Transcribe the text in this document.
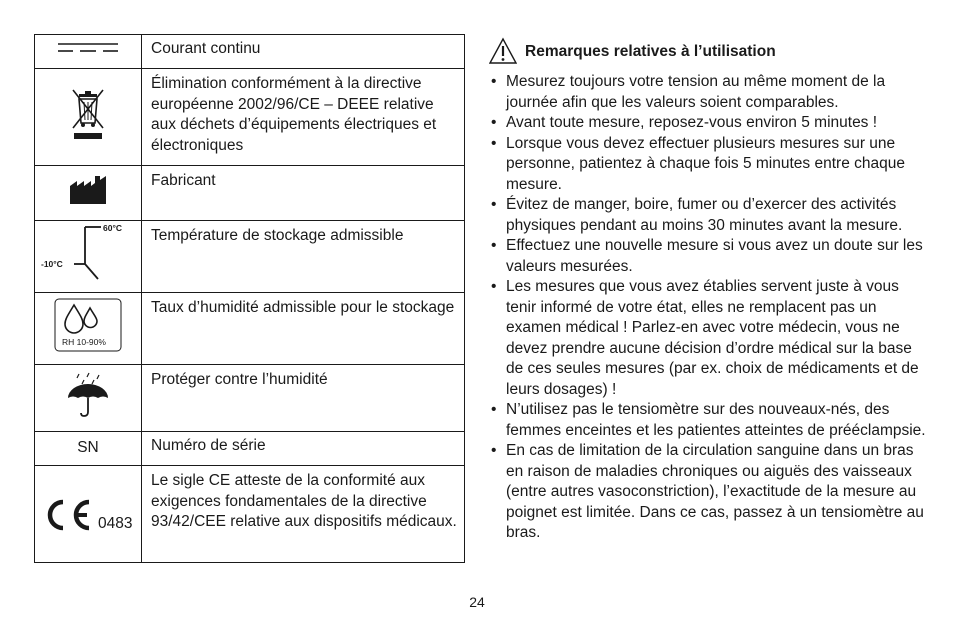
	Courant continu
	Élimination conformément à la directive européenne 2002/96/CE – DEEE relative aux déchets d’équipements électriques et électroniques
	Fabricant

60°C
-10°C	Température de stockage admissible

RH 10-90%	Taux d’humidité admissible pour le stockage
	Protéger contre l’humidité
SN	Numéro de série

0483	Le sigle CE atteste de la conformité aux exigences fondamentales de la directive 93/42/CEE relative aux dispositifs médicaux.
Remarques relatives à l’utilisation
• Mesurez toujours votre tension au même moment de la journée afin que les valeurs soient comparables.
• Avant toute mesure, reposez-vous environ 5 minutes !
• Lorsque vous devez effectuer plusieurs mesures sur une personne, patientez à chaque fois 5 minutes entre chaque mesure.
• Évitez de manger, boire, fumer ou d’exercer des activités physiques pendant au moins 30 minutes avant la mesure.
• Effectuez une nouvelle mesure si vous avez un doute sur les valeurs mesurées.
• Les mesures que vous avez établies servent juste à vous tenir informé de votre état, elles ne remplacent pas un examen médical ! Parlez-en avec votre médecin, vous ne devez prendre aucune décision d’ordre médical sur la base de ces seules mesures (par ex. choix de médicaments et de leurs dosages) !
• N’utilisez pas le tensiomètre sur des nouveaux-nés, des femmes enceintes et les patientes atteintes de prééclampsie.
• En cas de limitation de la circulation sanguine dans un bras en raison de maladies chroniques ou aiguës des vaisseaux (entre autres vasoconstriction), l’exactitude de la mesure au poignet est limitée. Dans ce cas, passez à un tensiomètre au bras.
24
